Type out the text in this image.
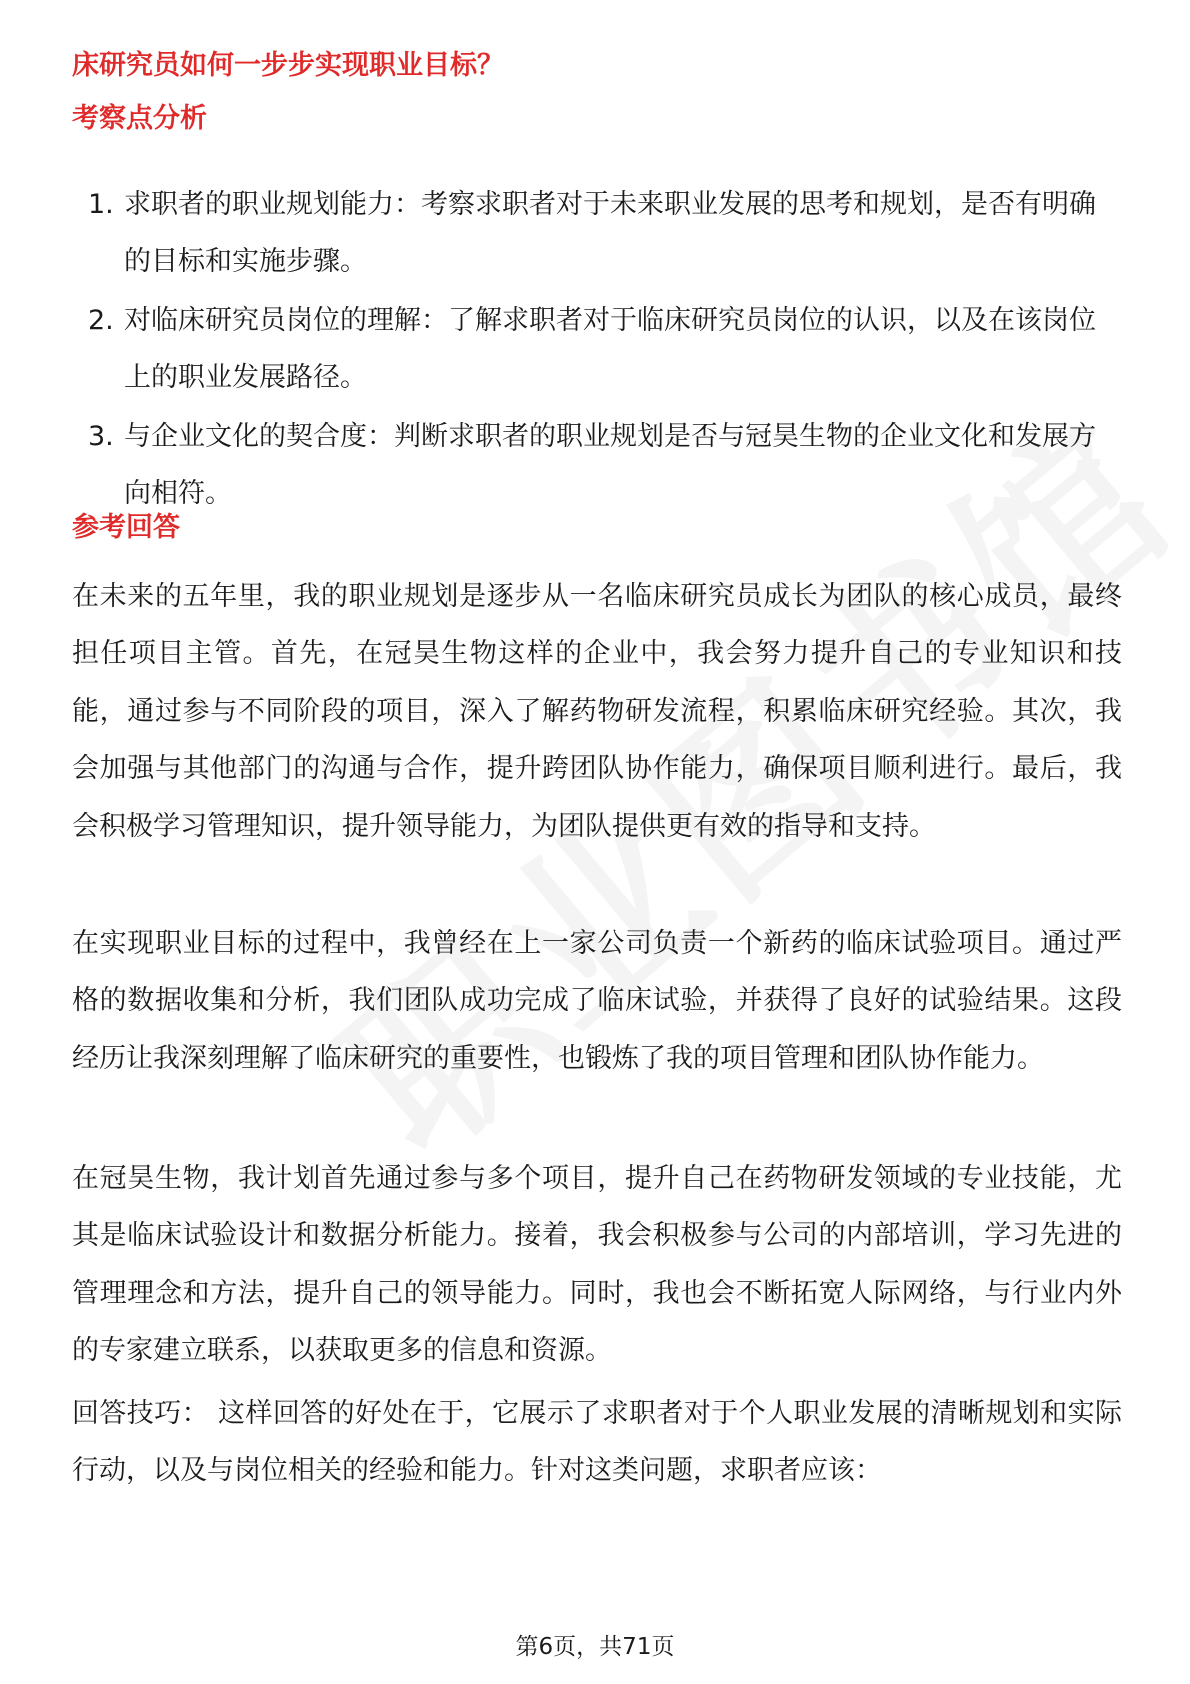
床研究员如何一步步实现职业目标？
考察点分析
1. 求职者的职业规划能力：考察求职者对于未来职业发展的思考和规划，是否有明确的目标和实施步骤。
2. 对临床研究员岗位的理解：了解求职者对于临床研究员岗位的认识，以及在该岗位上的职业发展路径。
3. 与企业文化的契合度：判断求职者的职业规划是否与冠昊生物的企业文化和发展方向相符。
参考回答

在未来的五年里，我的职业规划是逐步从一名临床研究员成长为团队的核心成员，最终担任项目主管。首先，在冠昊生物这样的企业中，我会努力提升自己的专业知识和技能，通过参与不同阶段的项目，深入了解药物研发流程，积累临床研究经验。其次，我会加强与其他部门的沟通与合作，提升跨团队协作能力，确保项目顺利进行。最后，我会积极学习管理知识，提升领导能力，为团队提供更有效的指导和支持。

在实现职业目标的过程中，我曾经在上一家公司负责一个新药的临床试验项目。通过严格的数据收集和分析，我们团队成功完成了临床试验，并获得了良好的试验结果。这段经历让我深刻理解了临床研究的重要性，也锻炼了我的项目管理和团队协作能力。

在冠昊生物，我计划首先通过参与多个项目，提升自己在药物研发领域的专业技能，尤其是临床试验设计和数据分析能力。接着，我会积极参与公司的内部培训，学习先进的管理理念和方法，提升自己的领导能力。同时，我也会不断拓宽人际网络，与行业内外的专家建立联系，以获取更多的信息和资源。

回答技巧： 这样回答的好处在于，它展示了求职者对于个人职业发展的清晰规划和实际行动，以及与岗位相关的经验和能力。针对这类问题，求职者应该：

第6页，共71页
